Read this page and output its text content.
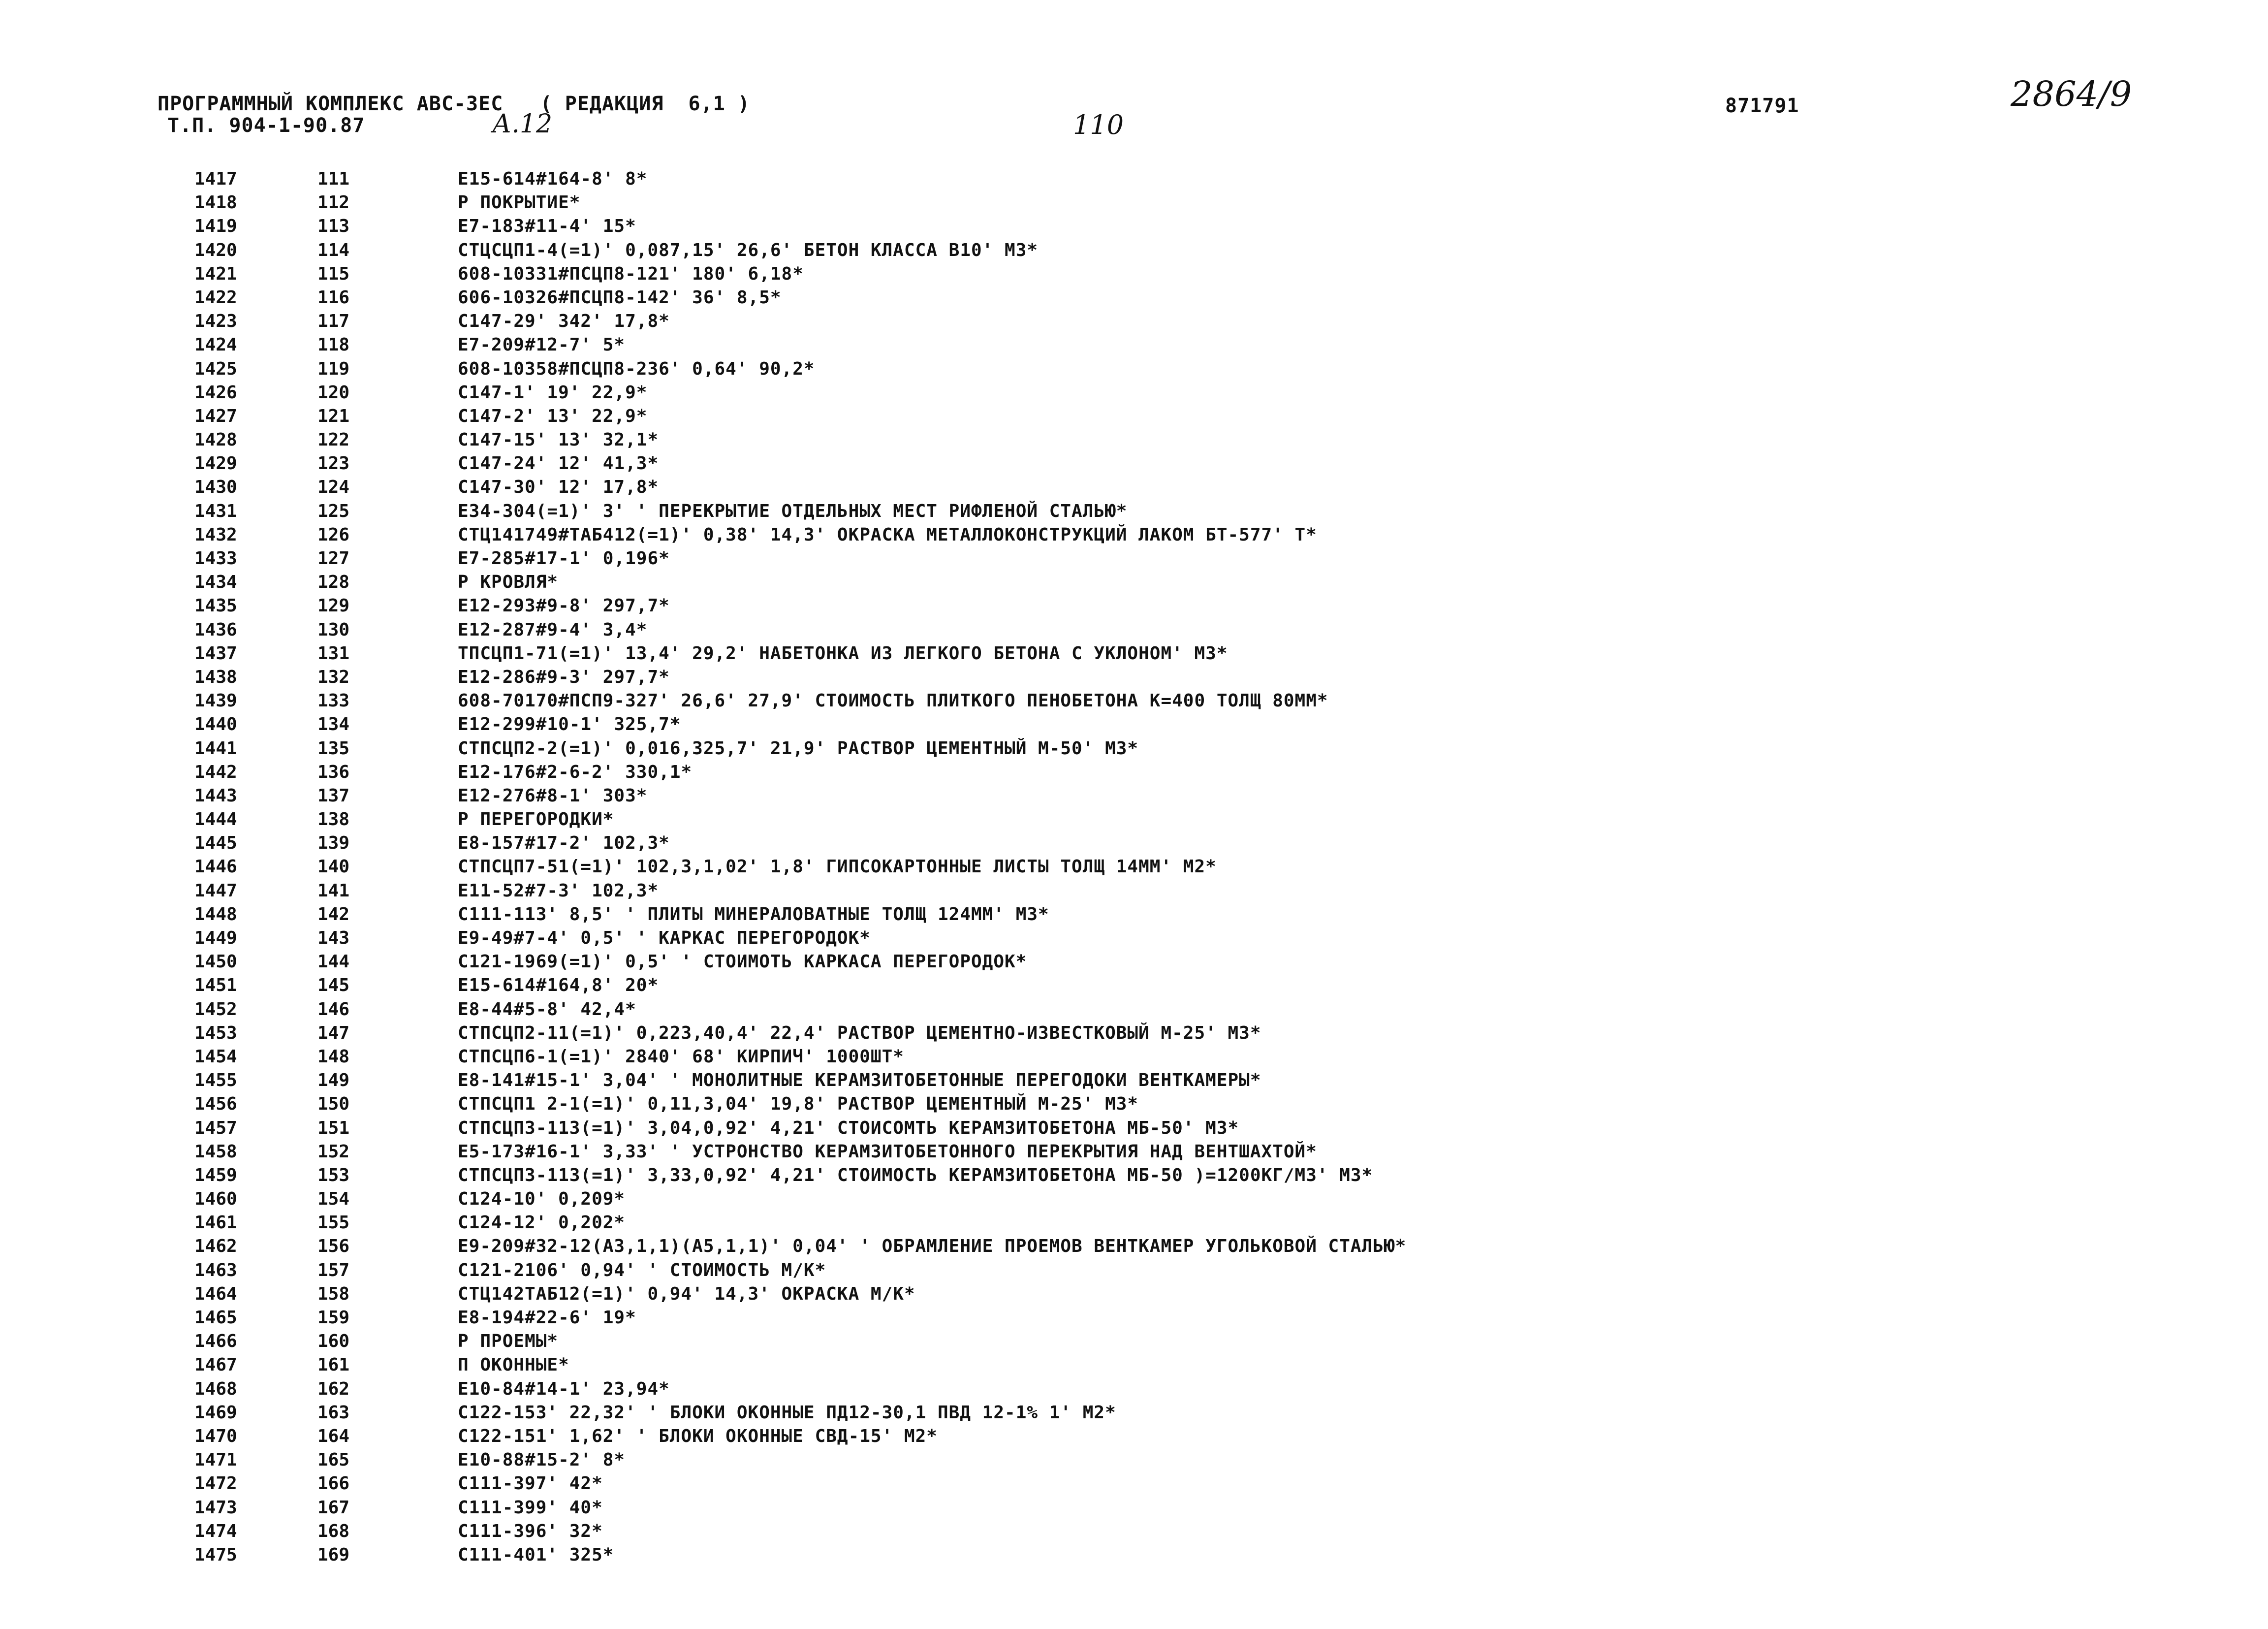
ПРОГРАММНЫЙ КОМПЛЕКС АВС-ЗЕС   ( РЕДАКЦИЯ  6,1 )
Т.П. 904-1-90.87	А.12	110
871791	2864/9
1417	111	Е15-614#164-8' 8*
1418	112	Р ПОКРЫТИЕ*
1419	113	Е7-183#11-4' 15*
1420	114	СТЦСЦП1-4(=1)' 0,087,15' 26,6' БЕТОН КЛАССА В10' М3*
1421	115	608-10331#ПСЦП8-121' 180' 6,18*
1422	116	606-10326#ПСЦП8-142' 36' 8,5*
1423	117	С147-29' 342' 17,8*
1424	118	Е7-209#12-7' 5*
1425	119	608-10358#ПСЦП8-236' 0,64' 90,2*
1426	120	С147-1' 19' 22,9*
1427	121	С147-2' 13' 22,9*
1428	122	С147-15' 13' 32,1*
1429	123	С147-24' 12' 41,3*
1430	124	С147-30' 12' 17,8*
1431	125	Е34-304(=1)' 3' ' ПЕРЕКРЫТИЕ ОТДЕЛЬНЫХ МЕСТ РИФЛЕНОЙ СТАЛЬЮ*
1432	126	СТЦ141749#ТАБ412(=1)' 0,38' 14,3' ОКРАСКА МЕТАЛЛОКОНСТРУКЦИЙ ЛАКОМ БТ-577' Т*
1433	127	Е7-285#17-1' 0,196*
1434	128	Р КРОВЛЯ*
1435	129	Е12-293#9-8' 297,7*
1436	130	Е12-287#9-4' 3,4*
1437	131	ТПСЦП1-71(=1)' 13,4' 29,2' НАБЕТОНКА ИЗ ЛЕГКОГО БЕТОНА С УКЛОНОМ' М3*
1438	132	Е12-286#9-3' 297,7*
1439	133	608-70170#ПСП9-327' 26,6' 27,9' СТОИМОСТЬ ПЛИТКОГО ПЕНОБЕТОНА К=400 ТОЛЩ 80ММ*
1440	134	Е12-299#10-1' 325,7*
1441	135	СТПСЦП2-2(=1)' 0,016,325,7' 21,9' РАСТВОР ЦЕМЕНТНЫЙ М-50' М3*
1442	136	Е12-176#2-6-2' 330,1*
1443	137	Е12-276#8-1' 303*
1444	138	Р ПЕРЕГОРОДКИ*
1445	139	Е8-157#17-2' 102,3*
1446	140	СТПСЦП7-51(=1)' 102,3,1,02' 1,8' ГИПСОКАРТОННЫЕ ЛИСТЫ ТОЛЩ 14ММ' М2*
1447	141	Е11-52#7-3' 102,3*
1448	142	С111-113' 8,5' ' ПЛИТЫ МИНЕРАЛОВАТНЫЕ ТОЛЩ 124ММ' М3*
1449	143	Е9-49#7-4' 0,5' ' КАРКАС ПЕРЕГОРОДОК*
1450	144	С121-1969(=1)' 0,5' ' СТОИМОТЬ КАРКАСА ПЕРЕГОРОДОК*
1451	145	Е15-614#164,8' 20*
1452	146	Е8-44#5-8' 42,4*
1453	147	СТПСЦП2-11(=1)' 0,223,40,4' 22,4' РАСТВОР ЦЕМЕНТНО-ИЗВЕСТКОВЫЙ М-25' М3*
1454	148	СТПСЦП6-1(=1)' 2840' 68' КИРПИЧ' 1000ШТ*
1455	149	Е8-141#15-1' 3,04' ' МОНОЛИТНЫЕ КЕРАМЗИТОБЕТОННЫЕ ПЕРЕГОДОКИ ВЕНТКАМЕРЫ*
1456	150	СТПСЦП1 2-1(=1)' 0,11,3,04' 19,8' РАСТВОР ЦЕМЕНТНЫЙ М-25' М3*
1457	151	СТПСЦП3-113(=1)' 3,04,0,92' 4,21' СТОИСОМТЬ КЕРАМЗИТОБЕТОНА МБ-50' М3*
1458	152	Е5-173#16-1' 3,33' ' УСТРОНСТВО КЕРАМЗИТОБЕТОННОГО ПЕРЕКРЫТИЯ НАД ВЕНТШАХТОЙ*
1459	153	СТПСЦП3-113(=1)' 3,33,0,92' 4,21' СТОИМОСТЬ КЕРАМЗИТОБЕТОНА МБ-50 )=1200КГ/М3' М3*
1460	154	С124-10' 0,209*
1461	155	С124-12' 0,202*
1462	156	Е9-209#32-12(А3,1,1)(А5,1,1)' 0,04' ' ОБРАМЛЕНИЕ ПРОЕМОВ ВЕНТКАМЕР УГОЛЬКОВОЙ СТАЛЬЮ*
1463	157	С121-2106' 0,94' ' СТОИМОСТЬ М/К*
1464	158	СТЦ142ТАБ12(=1)' 0,94' 14,3' ОКРАСКА М/К*
1465	159	Е8-194#22-6' 19*
1466	160	Р ПРОЕМЫ*
1467	161	П ОКОННЫЕ*
1468	162	Е10-84#14-1' 23,94*
1469	163	С122-153' 22,32' ' БЛОКИ ОКОННЫЕ ПД12-30,1 ПВД 12-1% 1' М2*
1470	164	С122-151' 1,62' ' БЛОКИ ОКОННЫЕ СВД-15' М2*
1471	165	Е10-88#15-2' 8*
1472	166	С111-397' 42*
1473	167	С111-399' 40*
1474	168	С111-396' 32*
1475	169	С111-401' 325*
